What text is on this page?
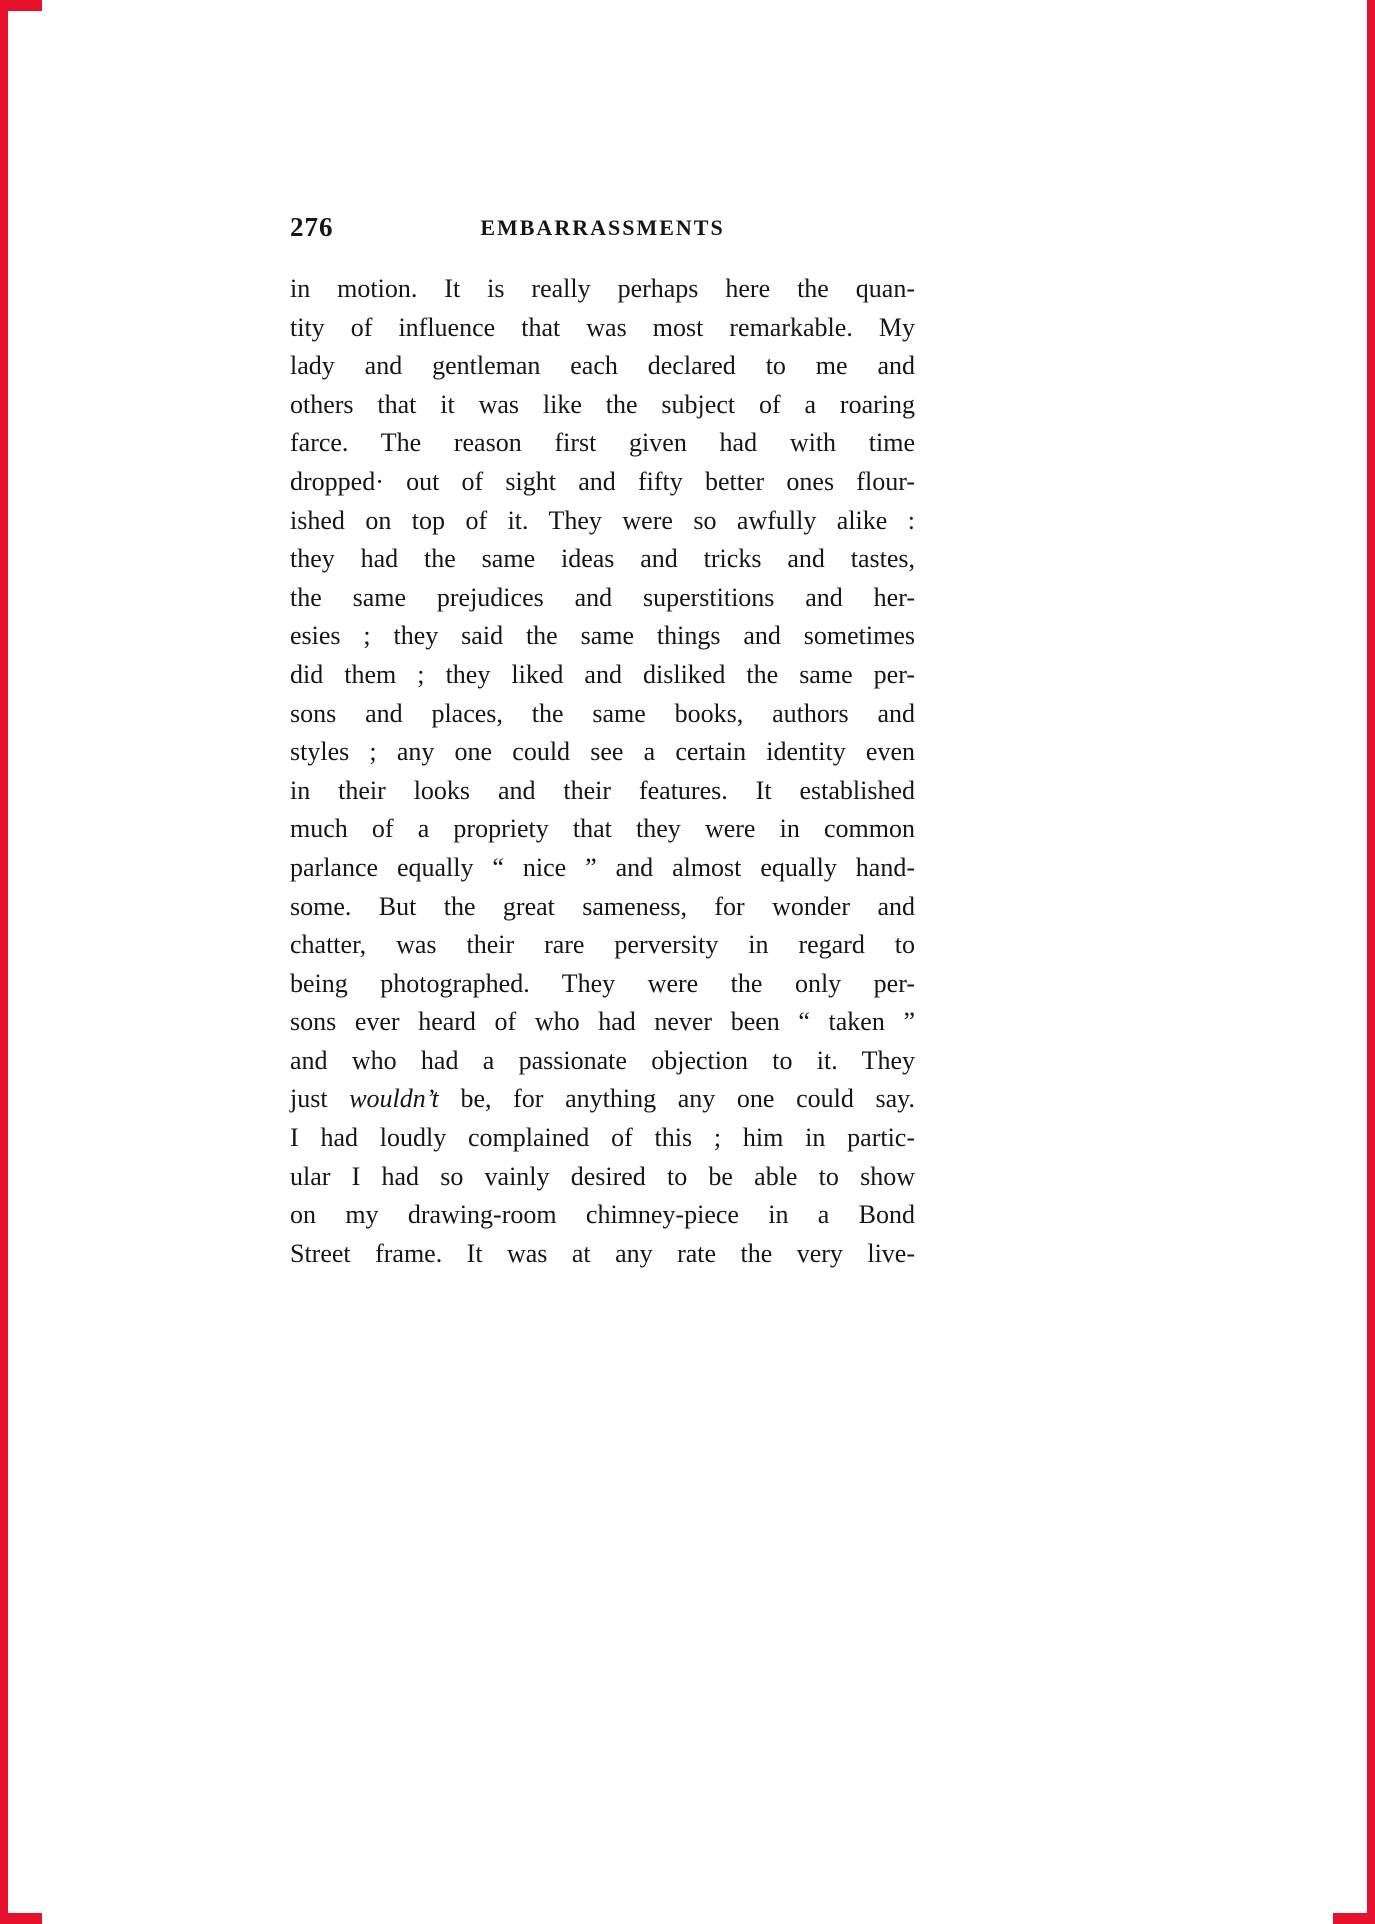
276	EMBARRASSMENTS
in motion. It is really perhaps here the quan-
tity of influence that was most remarkable. My
lady and gentleman each declared to me and
others that it was like the subject of a roaring
farce. The reason first given had with time
dropped· out of sight and fifty better ones flour-
ished on top of it. They were so awfully alike :
they had the same ideas and tricks and tastes,
the same prejudices and superstitions and her-
esies ; they said the same things and sometimes
did them ; they liked and disliked the same per-
sons and places, the same books, authors and
styles ; any one could see a certain identity even
in their looks and their features. It established
much of a propriety that they were in common
parlance equally “ nice ” and almost equally hand-
some. But the great sameness, for wonder and
chatter, was their rare perversity in regard to
being photographed. They were the only per-
sons ever heard of who had never been “ taken ”
and who had a passionate objection to it. They
just wouldn’t be, for anything any one could say.
I had loudly complained of this ; him in partic-
ular I had so vainly desired to be able to show
on my drawing-room chimney-piece in a Bond
Street frame. It was at any rate the very live-
